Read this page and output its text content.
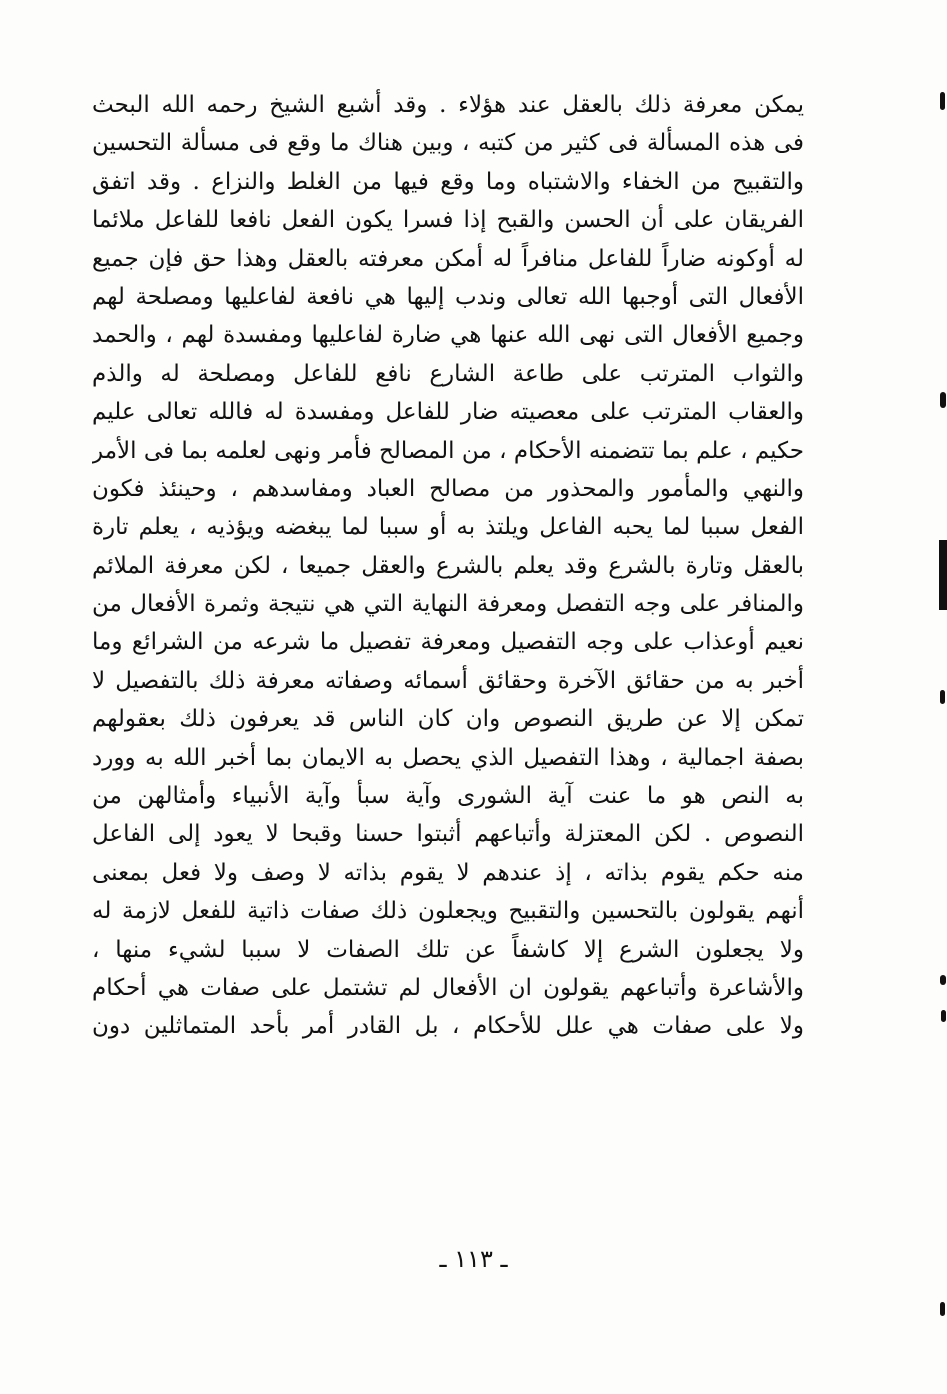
يمكن معرفة ذلك بالعقل عند هؤلاء . وقد أشبع الشيخ رحمه الله البحث
فى هذه المسألة فى كثير من كتبه ، وبين هناك ما وقع فى مسألة التحسين
والتقبيح من الخفاء والاشتباه وما وقع فيها من الغلط والنزاع . وقد اتفق
الفريقان على أن الحسن والقبح إذا فسرا يكون الفعل نافعا للفاعل ملائما
له أوكونه ضاراً للفاعل منافراً له أمكن معرفته بالعقل وهذا حق فإن جميع
الأفعال التى أوجبها الله تعالى وندب إليها هي نافعة لفاعليها ومصلحة لهم
وجميع الأفعال التى نهى الله عنها هي ضارة لفاعليها ومفسدة لهم ، والحمد
والثواب المترتب على طاعة الشارع نافع للفاعل ومصلحة له والذم
والعقاب المترتب على معصيته ضار للفاعل ومفسدة له فالله تعالى عليم
حكيم ، علم بما تتضمنه الأحكام ، من المصالح فأمر ونهى لعلمه بما فى الأمر
والنهي والمأمور والمحذور من مصالح العباد ومفاسدهم ، وحينئذ فكون
الفعل سببا لما يحبه الفاعل ويلتذ به أو سببا لما يبغضه ويؤذيه ، يعلم تارة
بالعقل وتارة بالشرع وقد يعلم بالشرع والعقل جميعا ، لكن معرفة الملائم
والمنافر على وجه التفصل ومعرفة النهاية التي هي نتيجة وثمرة الأفعال من
نعيم أوعذاب على وجه التفصيل ومعرفة تفصيل ما شرعه من الشرائع وما
أخبر به من حقائق الآخرة وحقائق أسمائه وصفاته معرفة ذلك بالتفصيل لا
تمكن إلا عن طريق النصوص وان كان الناس قد يعرفون ذلك بعقولهم
بصفة اجمالية ، وهذا التفصيل الذي يحصل به الايمان بما أخبر الله به وورد
به النص هو ما عنت آية الشورى وآية سبأ وآية الأنبياء وأمثالهن من
النصوص . لكن المعتزلة وأتباعهم أثبتوا حسنا وقبحا لا يعود إلى الفاعل
منه حكم يقوم بذاته ، إذ عندهم لا يقوم بذاته لا وصف ولا فعل بمعنى
أنهم يقولون بالتحسين والتقبيح ويجعلون ذلك صفات ذاتية للفعل لازمة له
ولا يجعلون الشرع إلا كاشفاً عن تلك الصفات لا سببا لشيء منها ،
والأشاعرة وأتباعهم يقولون ان الأفعال لم تشتمل على صفات هي أحكام
ولا على صفات هي علل للأحكام ، بل القادر أمر بأحد المتماثلين دون
ـ ١١٣ ـ
